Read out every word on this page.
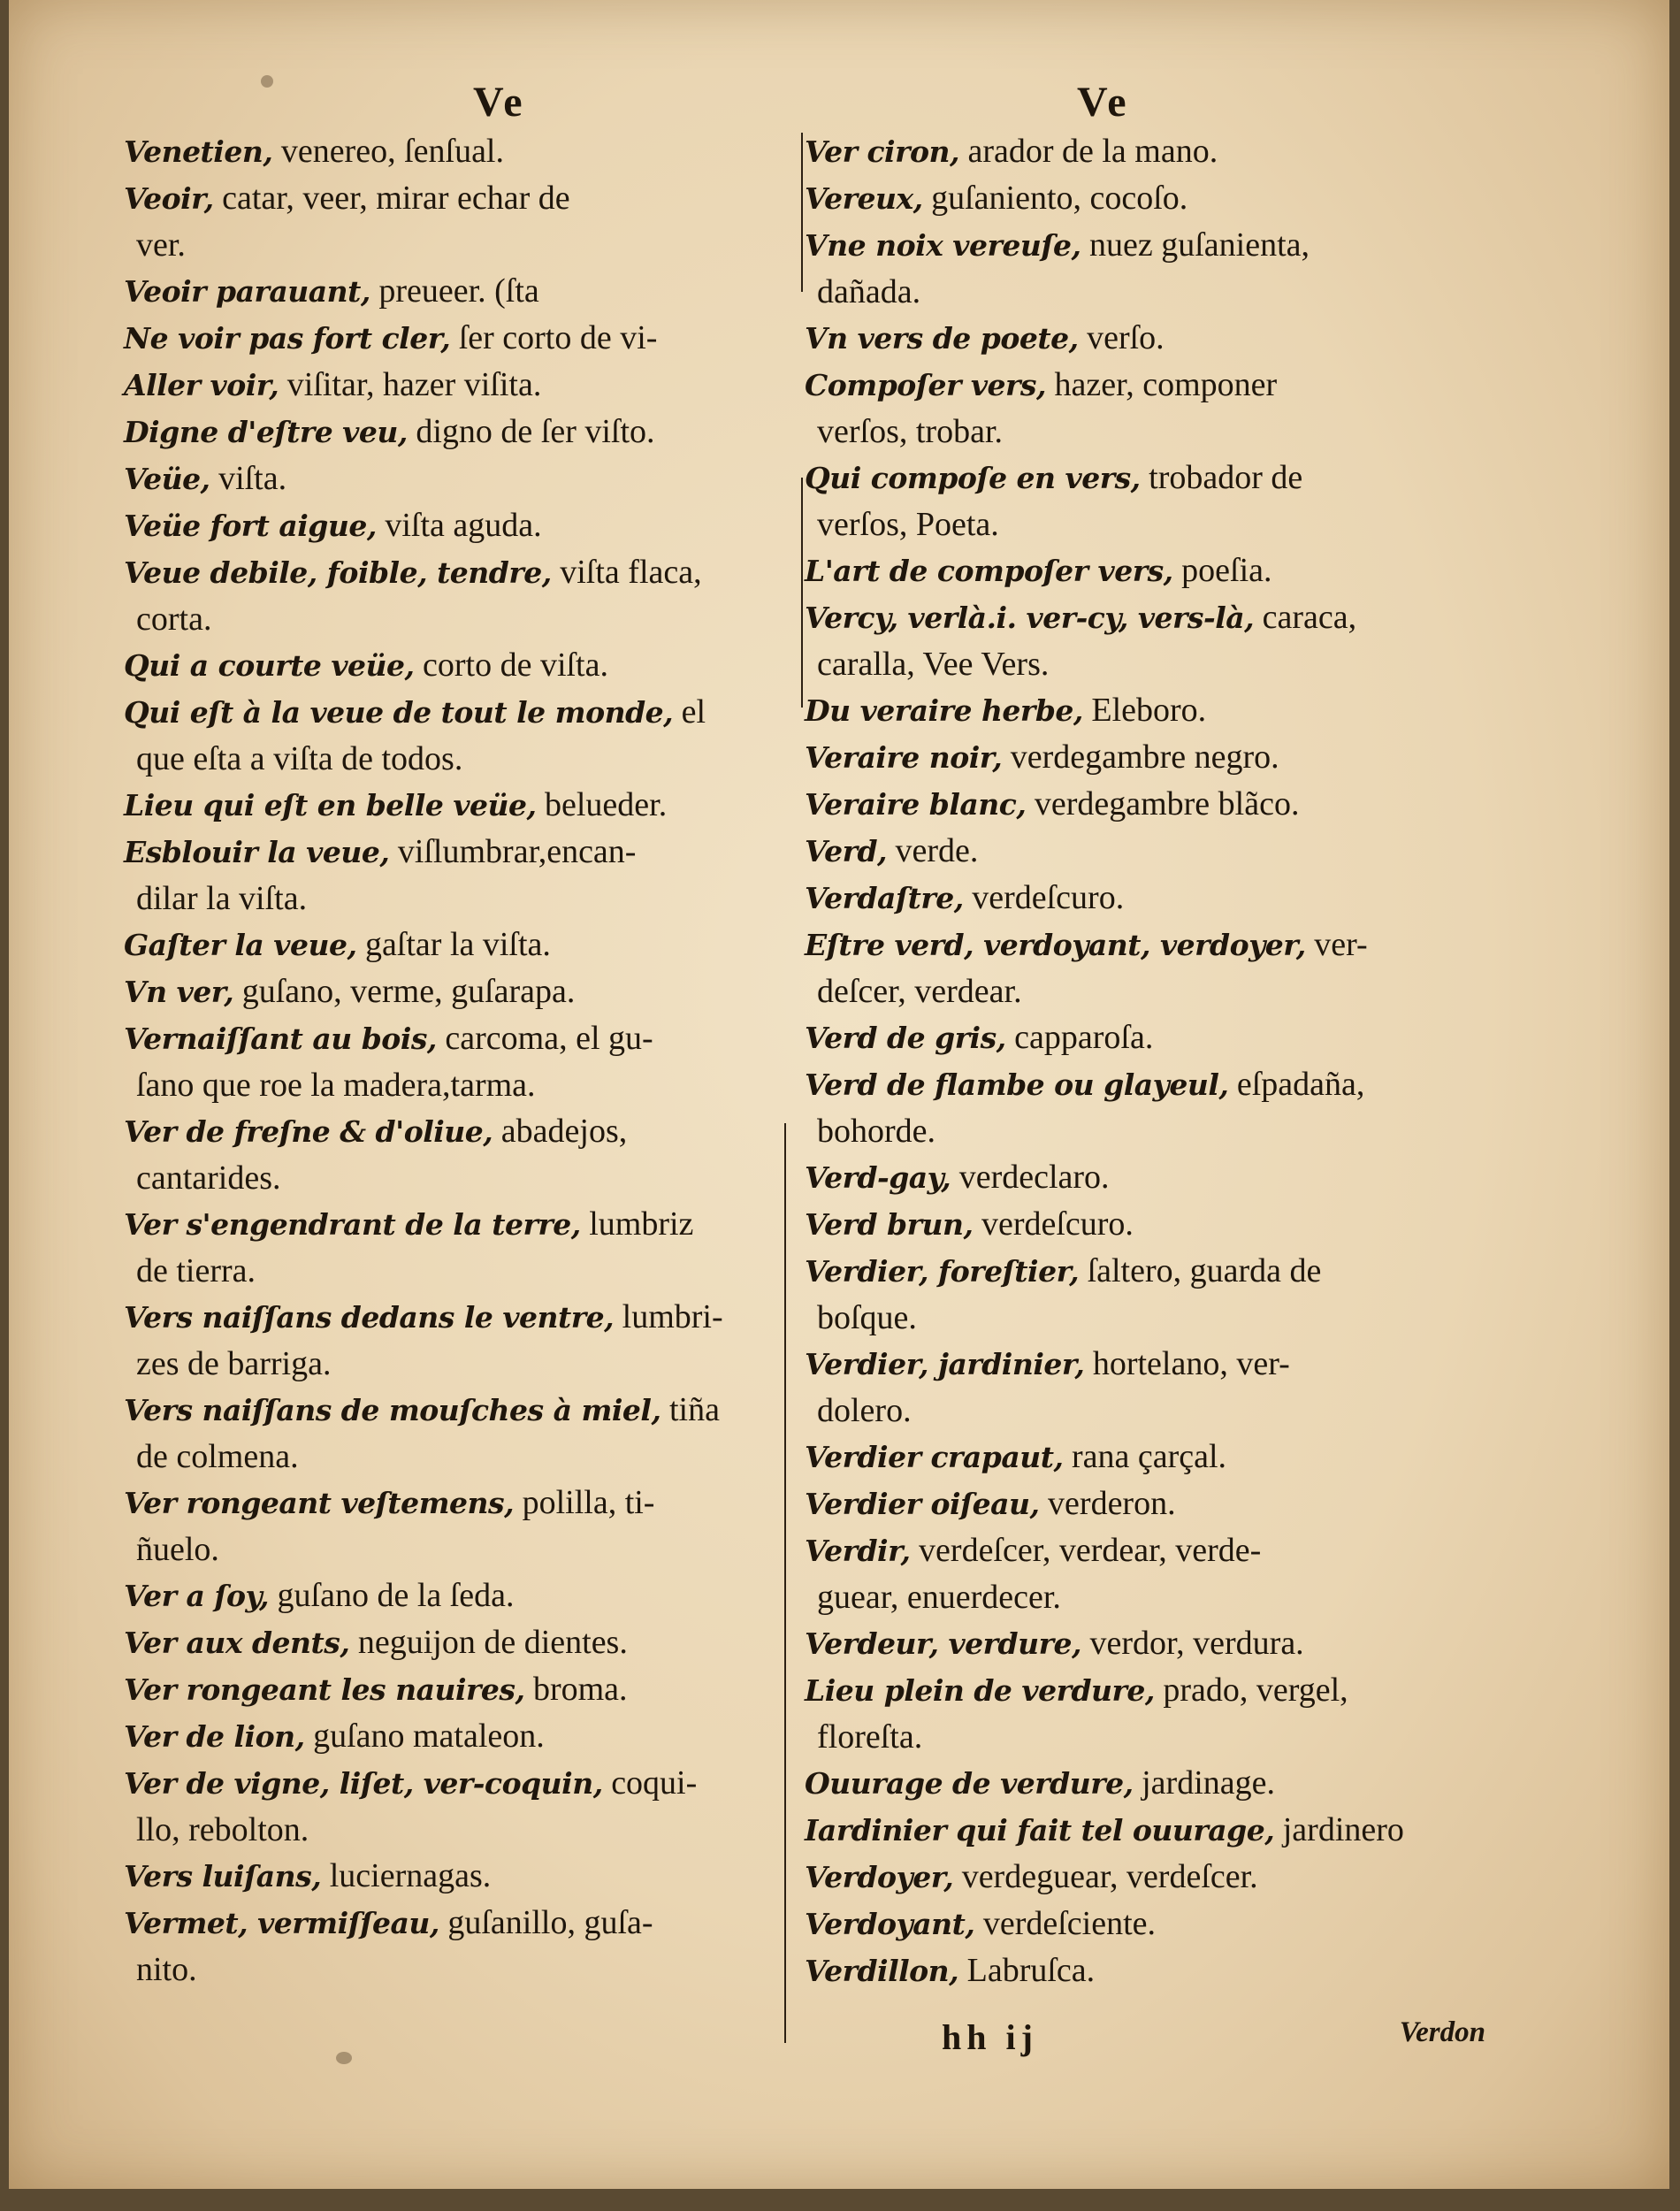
Ve	Ve
Venetien, venereo, ſenſual.
Veoir, catar, veer, mirar echar de
ver.
Veoir parauant, preueer. (ſta
Ne voir pas fort cler, ſer corto de vi-
Aller voir, viſitar, hazer viſita.
Digne d'eſtre veu, digno de ſer viſto.
Veüe, viſta.
Veüe fort aigue, viſta aguda.
Veue debile, foible, tendre, viſta flaca,
corta.
Qui a courte veüe, corto de viſta.
Qui eſt à la veue de tout le monde, el
que eſta a viſta de todos.
Lieu qui eſt en belle veüe, belueder.
Esblouir la veue, viſlumbrar,encan-
dilar la viſta.
Gaſter la veue, gaſtar la viſta.
Vn ver, guſano, verme, guſarapa.
Vernaiſſant au bois, carcoma, el gu-
ſano que roe la madera,tarma.
Ver de freſne & d'oliue, abadejos,
cantarides.
Ver s'engendrant de la terre, lumbriz
de tierra.
Vers naiſſans dedans le ventre, lumbri-
zes de barriga.
Vers naiſſans de mouſches à miel, tiña
de colmena.
Ver rongeant veſtemens, polilla, ti-
ñuelo.
Ver a ſoy, guſano de la ſeda.
Ver aux dents, neguijon de dientes.
Ver rongeant les nauires, broma.
Ver de lion, guſano mataleon.
Ver de vigne, liſet, ver-coquin, coqui-
llo, rebolton.
Vers luiſans, luciernagas.
Vermet, vermiſſeau, guſanillo, guſa-
nito.
Ver ciron, arador de la mano.
Vereux, guſaniento, cocoſo.
Vne noix vereuſe, nuez guſanienta,
dañada.
Vn vers de poete, verſo.
Compoſer vers, hazer, componer
verſos, trobar.
Qui compoſe en vers, trobador de
verſos, Poeta.
L'art de compoſer vers, poeſia.
Vercy, verlà.i. ver-cy, vers-là, caraca,
caralla, Vee Vers.
Du veraire herbe, Eleboro.
Veraire noir, verdegambre negro.
Veraire blanc, verdegambre blãco.
Verd, verde.
Verdaſtre, verdeſcuro.
Eſtre verd, verdoyant, verdoyer, ver-
deſcer, verdear.
Verd de gris, capparoſa.
Verd de flambe ou glayeul, eſpadaña,
bohorde.
Verd-gay, verdeclaro.
Verd brun, verdeſcuro.
Verdier, foreſtier, ſaltero, guarda de
boſque.
Verdier, jardinier, hortelano, ver-
dolero.
Verdier crapaut, rana çarçal.
Verdier oiſeau, verderon.
Verdir, verdeſcer, verdear, verde-
guear, enuerdecer.
Verdeur, verdure, verdor, verdura.
Lieu plein de verdure, prado, vergel,
floreſta.
Ouurage de verdure, jardinage.
Iardinier qui fait tel ouurage, jardinero
Verdoyer, verdeguear, verdeſcer.
Verdoyant, verdeſciente.
Verdillon, Labruſca.
hh ij	Verdon
